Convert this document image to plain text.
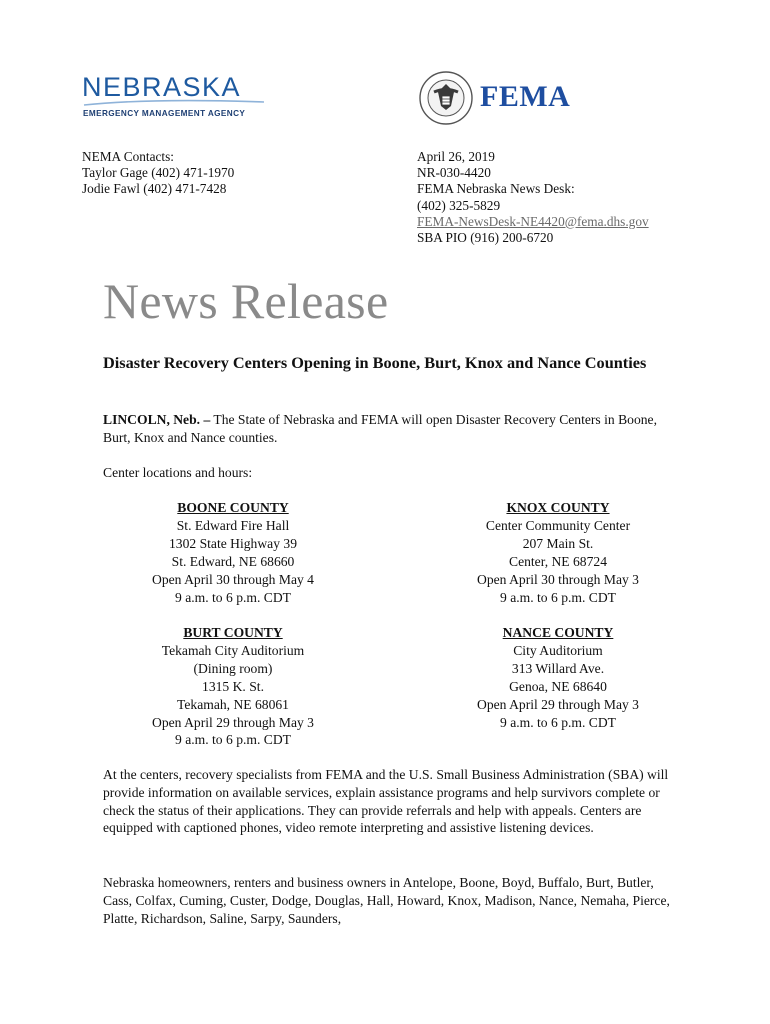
NEBRASKA
EMERGENCY MANAGEMENT AGENCY
FEMA
NEMA Contacts:
Taylor Gage (402) 471-1970
Jodie Fawl (402) 471-7428
April 26, 2019
NR-030-4420
FEMA Nebraska News Desk:
(402) 325-5829
FEMA-NewsDesk-NE4420@fema.dhs.gov
SBA PIO (916) 200-6720
News Release
Disaster Recovery Centers Opening in Boone, Burt, Knox and Nance Counties
LINCOLN, Neb. – The State of Nebraska and FEMA will open Disaster Recovery Centers in Boone, Burt, Knox and Nance counties.
Center locations and hours:
BOONE COUNTY
St. Edward Fire Hall
1302 State Highway 39
St. Edward, NE 68660
Open April 30 through May 4
9 a.m. to 6 p.m. CDT
KNOX COUNTY
Center Community Center
207 Main St.
Center, NE 68724
Open April 30 through May 3
9 a.m. to 6 p.m. CDT
BURT COUNTY
Tekamah City Auditorium
(Dining room)
1315 K. St.
Tekamah, NE 68061
Open April 29 through May 3
9 a.m. to 6 p.m. CDT
NANCE COUNTY
City Auditorium
313 Willard Ave.
Genoa, NE 68640
Open April 29 through May 3
9 a.m. to 6 p.m. CDT
At the centers, recovery specialists from FEMA and the U.S. Small Business Administration (SBA) will provide information on available services, explain assistance programs and help survivors complete or check the status of their applications. They can provide referrals and help with appeals. Centers are equipped with captioned phones, video remote interpreting and assistive listening devices.
Nebraska homeowners, renters and business owners in Antelope, Boone, Boyd, Buffalo, Burt, Butler, Cass, Colfax, Cuming, Custer, Dodge, Douglas, Hall, Howard, Knox, Madison, Nance, Nemaha, Pierce, Platte, Richardson, Saline, Sarpy, Saunders,
